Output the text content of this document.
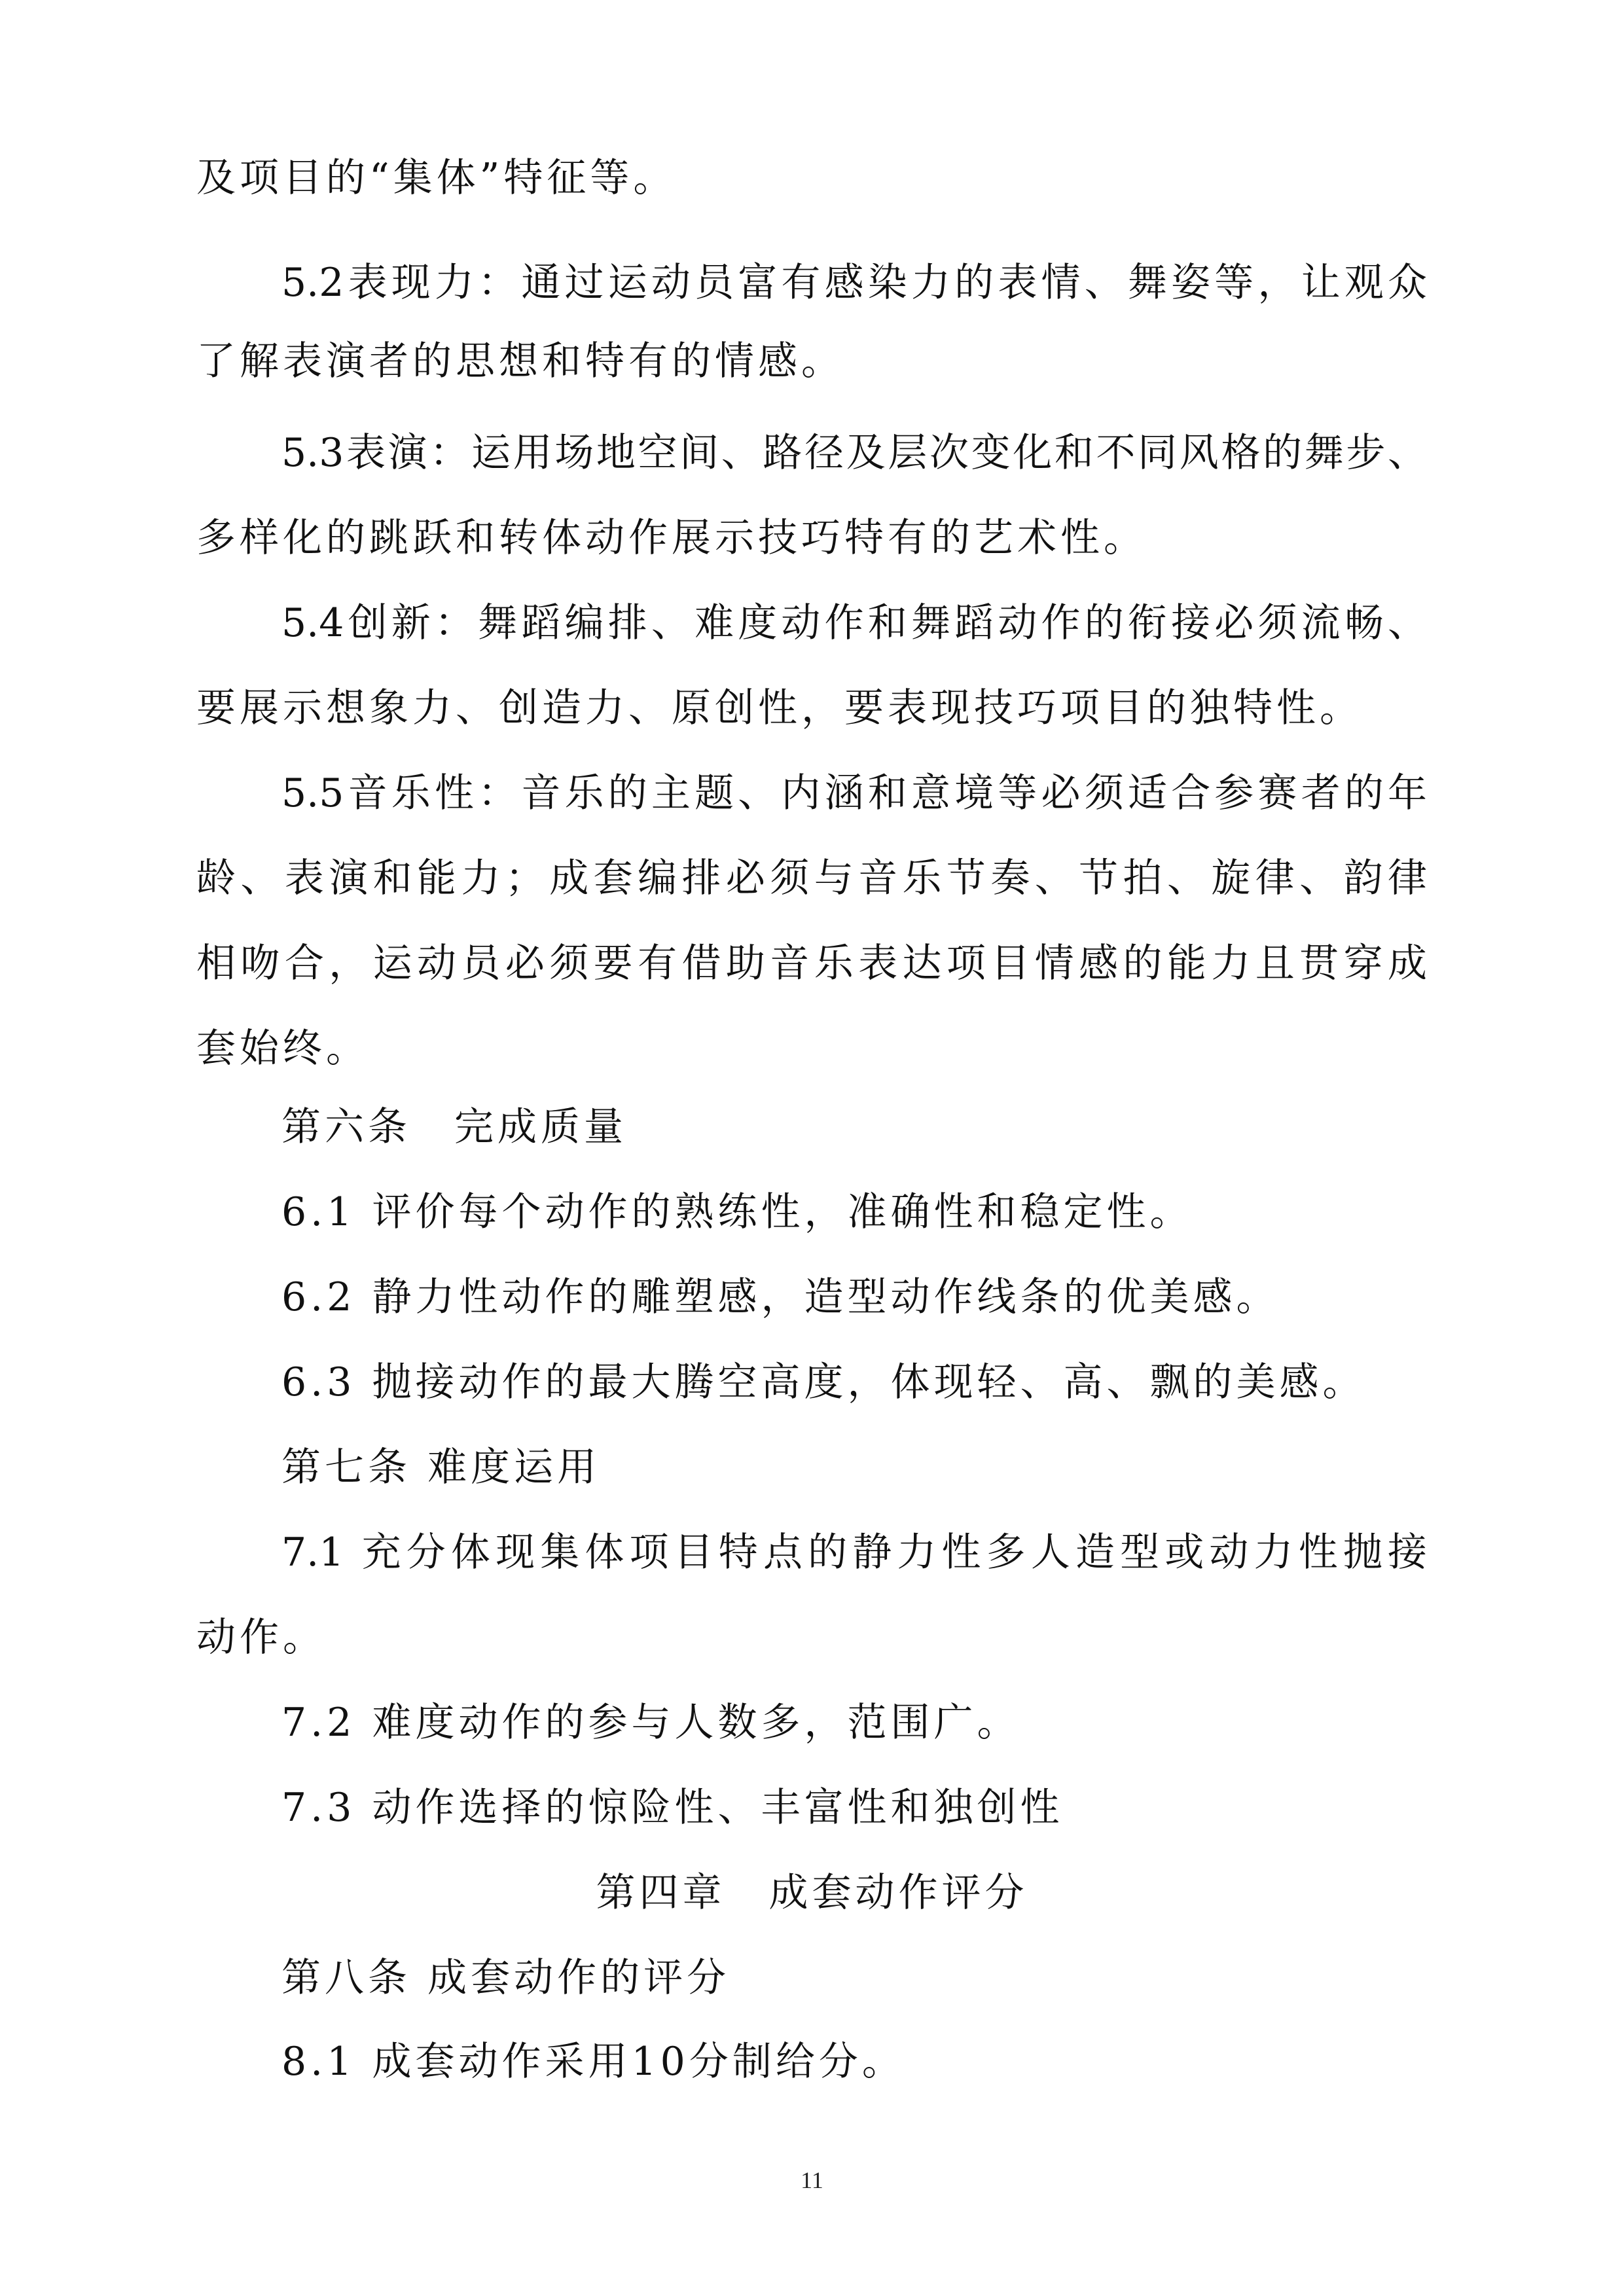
及项目的“集体”特征等。
5.2表现力：通过运动员富有感染力的表情、舞姿等，让观众
了解表演者的思想和特有的情感。
5.3表演：运用场地空间、路径及层次变化和不同风格的舞步、
多样化的跳跃和转体动作展示技巧特有的艺术性。
5.4创新：舞蹈编排、难度动作和舞蹈动作的衔接必须流畅、
要展示想象力、创造力、原创性，要表现技巧项目的独特性。
5.5音乐性：音乐的主题、内涵和意境等必须适合参赛者的年
龄、表演和能力；成套编排必须与音乐节奏、节拍、旋律、韵律
相吻合，运动员必须要有借助音乐表达项目情感的能力且贯穿成
套始终。
第六条　完成质量
6.1 评价每个动作的熟练性，准确性和稳定性。
6.2 静力性动作的雕塑感，造型动作线条的优美感。
6.3 抛接动作的最大腾空高度，体现轻、高、飘的美感。
第七条 难度运用
7.1 充分体现集体项目特点的静力性多人造型或动力性抛接
动作。
7.2 难度动作的参与人数多，范围广。
7.3 动作选择的惊险性、丰富性和独创性
第四章　成套动作评分
第八条 成套动作的评分
8.1 成套动作采用10分制给分。
11
